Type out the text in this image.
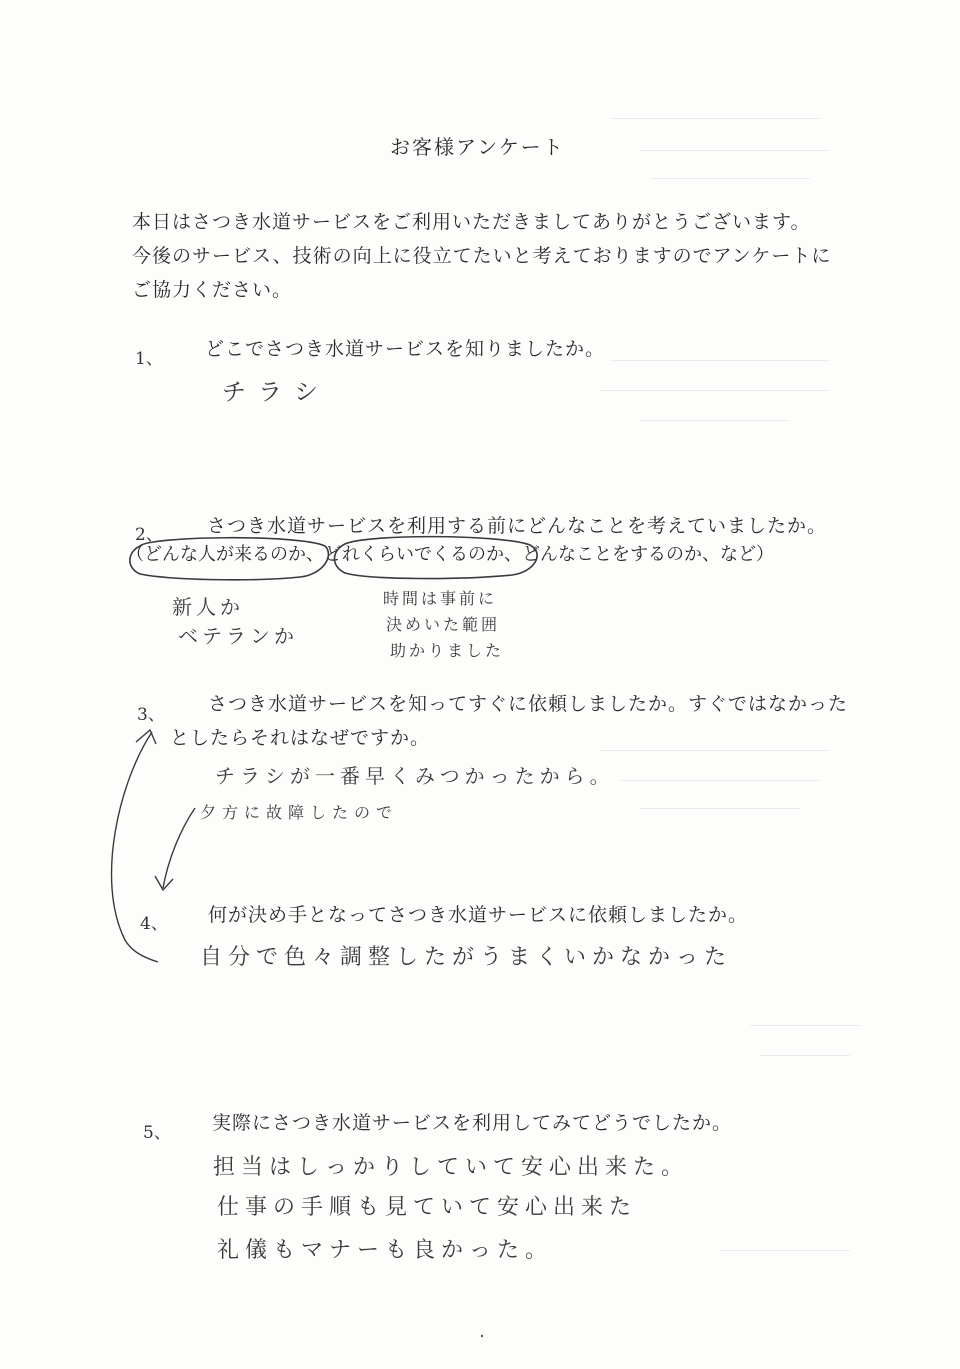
お客様アンケート
本日はさつき水道サービスをご利用いただきましてありがとうございます。
今後のサービス、技術の向上に役立てたいと考えておりますのでアンケートに
ご協力ください。
1、 どこでさつき水道サービスを知りましたか。
チラシ
2、 さつき水道サービスを利用する前にどんなことを考えていましたか。
（どんな人が来るのか、どれくらいでくるのか、どんなことをするのか、など）
新人か
ベテランか
時間は事前に
決めいた範囲
助かりました
3、 さつき水道サービスを知ってすぐに依頼しましたか。すぐではなかった
としたらそれはなぜですか。
チラシが一番早くみつかったから。
夕方に故障したので
4、 何が決め手となってさつき水道サービスに依頼しましたか。
自分で色々調整したがうまくいかなかった
5、 実際にさつき水道サービスを利用してみてどうでしたか。
担当はしっかりしていて安心出来た。
仕事の手順も見ていて安心出来た
礼儀もマナーも良かった。
